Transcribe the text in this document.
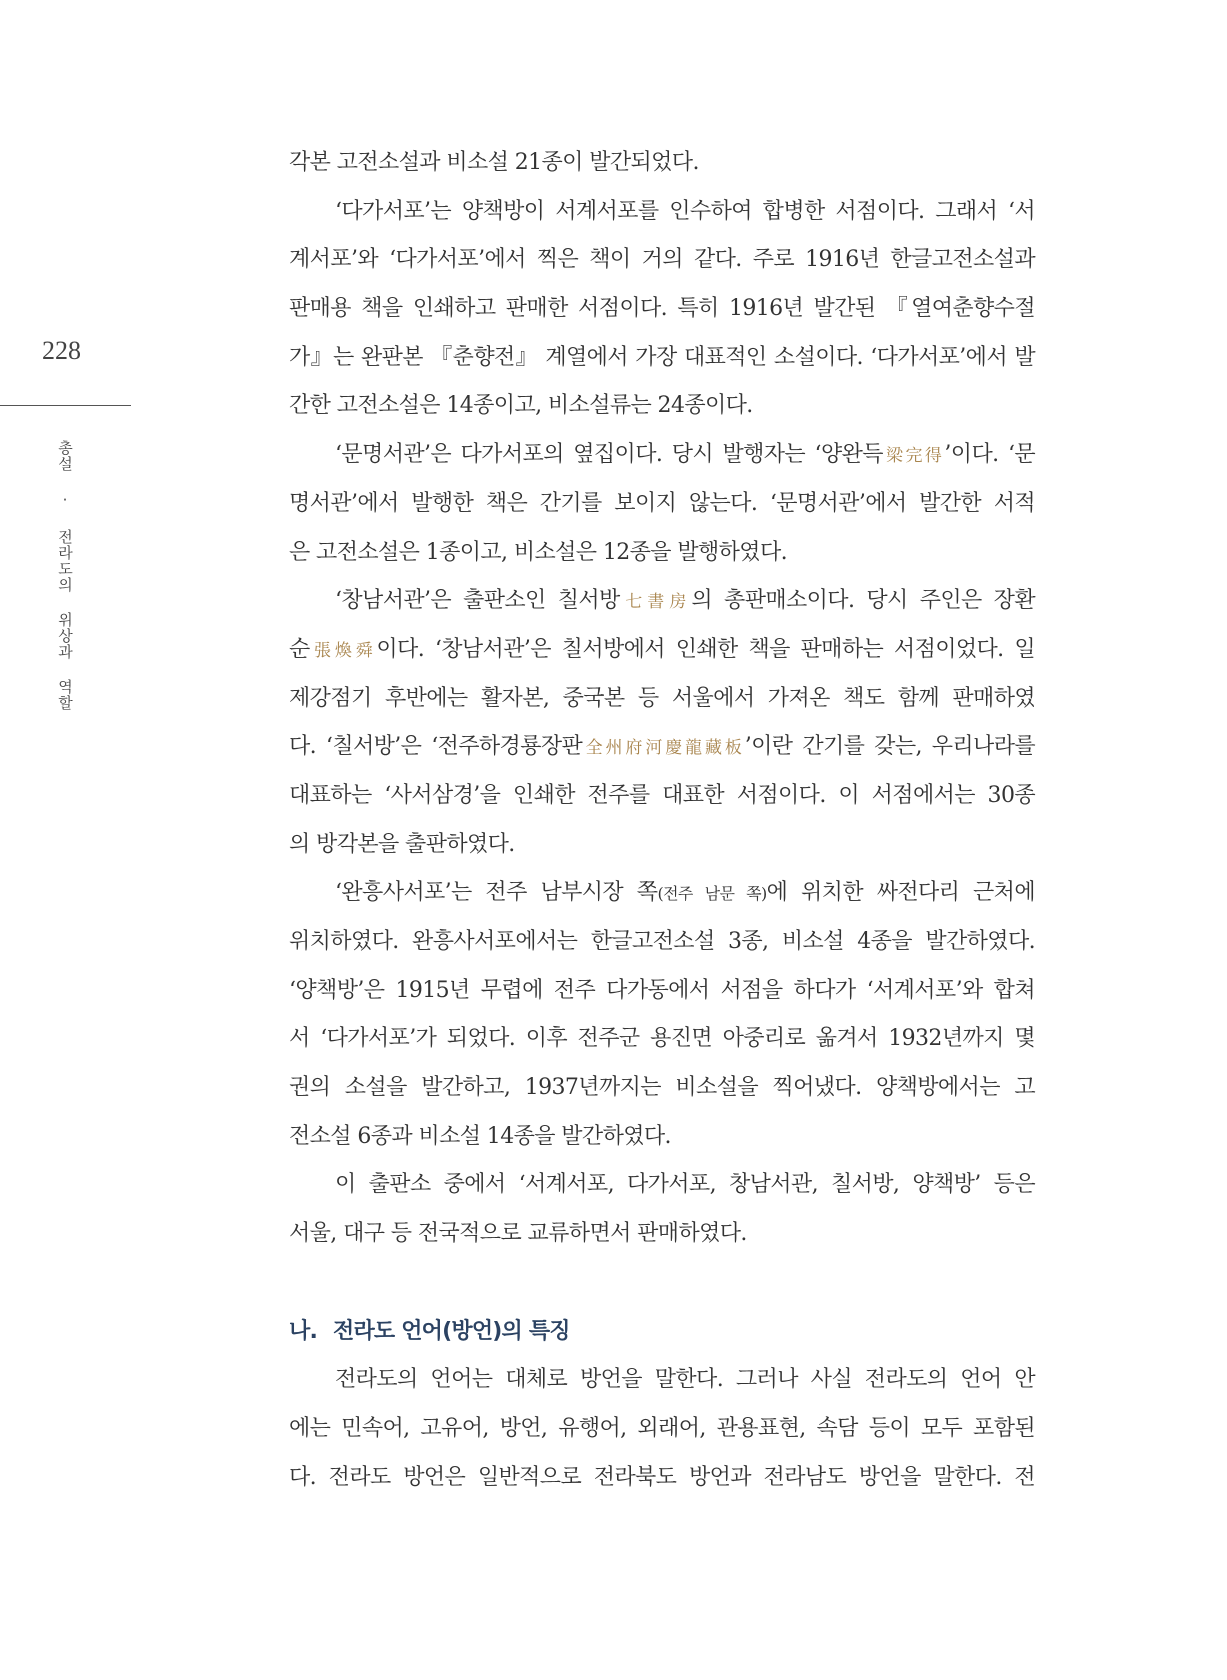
228
총설 · 전라도의 위상과 역할
각본 고전소설과 비소설 21종이 발간되었다.
‘다가서포’는 양책방이 서계서포를 인수하여 합병한 서점이다. 그래서 ‘서
계서포’와 ‘다가서포’에서 찍은 책이 거의 같다. 주로 1916년 한글고전소설과
판매용 책을 인쇄하고 판매한 서점이다. 특히 1916년 발간된 『열여춘향수절
가』는 완판본 『춘향전』 계열에서 가장 대표적인 소설이다. ‘다가서포’에서 발
간한 고전소설은 14종이고, 비소설류는 24종이다.
‘문명서관’은 다가서포의 옆집이다. 당시 발행자는 ‘양완득梁完得’이다. ‘문
명서관’에서 발행한 책은 간기를 보이지 않는다. ‘문명서관’에서 발간한 서적
은 고전소설은 1종이고, 비소설은 12종을 발행하였다.
‘창남서관’은 출판소인 칠서방七書房의 총판매소이다. 당시 주인은 장환
순張煥舜이다. ‘창남서관’은 칠서방에서 인쇄한 책을 판매하는 서점이었다. 일
제강점기 후반에는 활자본, 중국본 등 서울에서 가져온 책도 함께 판매하였
다. ‘칠서방’은 ‘전주하경룡장판全州府河慶龍藏板’이란 간기를 갖는, 우리나라를
대표하는 ‘사서삼경’을 인쇄한 전주를 대표한 서점이다. 이 서점에서는 30종
의 방각본을 출판하였다.
‘완흥사서포’는 전주 남부시장 쪽(전주 남문 쪽)에 위치한 싸전다리 근처에
위치하였다. 완흥사서포에서는 한글고전소설 3종, 비소설 4종을 발간하였다.
‘양책방’은 1915년 무렵에 전주 다가동에서 서점을 하다가 ‘서계서포’와 합쳐
서 ‘다가서포’가 되었다. 이후 전주군 용진면 아중리로 옮겨서 1932년까지 몇
권의 소설을 발간하고, 1937년까지는 비소설을 찍어냈다. 양책방에서는 고
전소설 6종과 비소설 14종을 발간하였다.
이 출판소 중에서 ‘서계서포, 다가서포, 창남서관, 칠서방, 양책방’ 등은
서울, 대구 등 전국적으로 교류하면서 판매하였다.
나. 전라도 언어(방언)의 특징
전라도의 언어는 대체로 방언을 말한다. 그러나 사실 전라도의 언어 안
에는 민속어, 고유어, 방언, 유행어, 외래어, 관용표현, 속담 등이 모두 포함된
다. 전라도 방언은 일반적으로 전라북도 방언과 전라남도 방언을 말한다. 전
